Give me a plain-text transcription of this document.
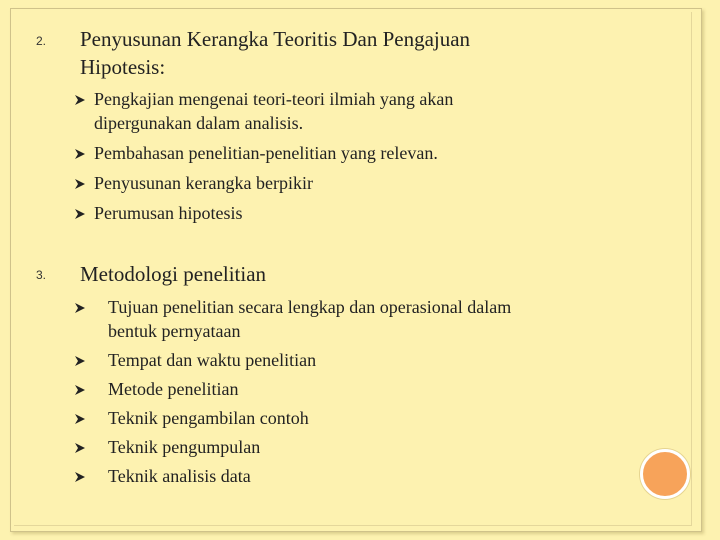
2. Penyusunan Kerangka Teoritis Dan Pengajuan
Hipotesis:
Pengkajian mengenai teori-teori ilmiah yang akan
dipergunakan dalam analisis.
Pembahasan penelitian-penelitian yang relevan.
Penyusunan kerangka berpikir
Perumusan hipotesis
3. Metodologi penelitian
Tujuan penelitian secara lengkap dan operasional dalam
bentuk pernyataan
Tempat dan waktu penelitian
Metode penelitian
Teknik pengambilan contoh
Teknik pengumpulan
Teknik analisis data
